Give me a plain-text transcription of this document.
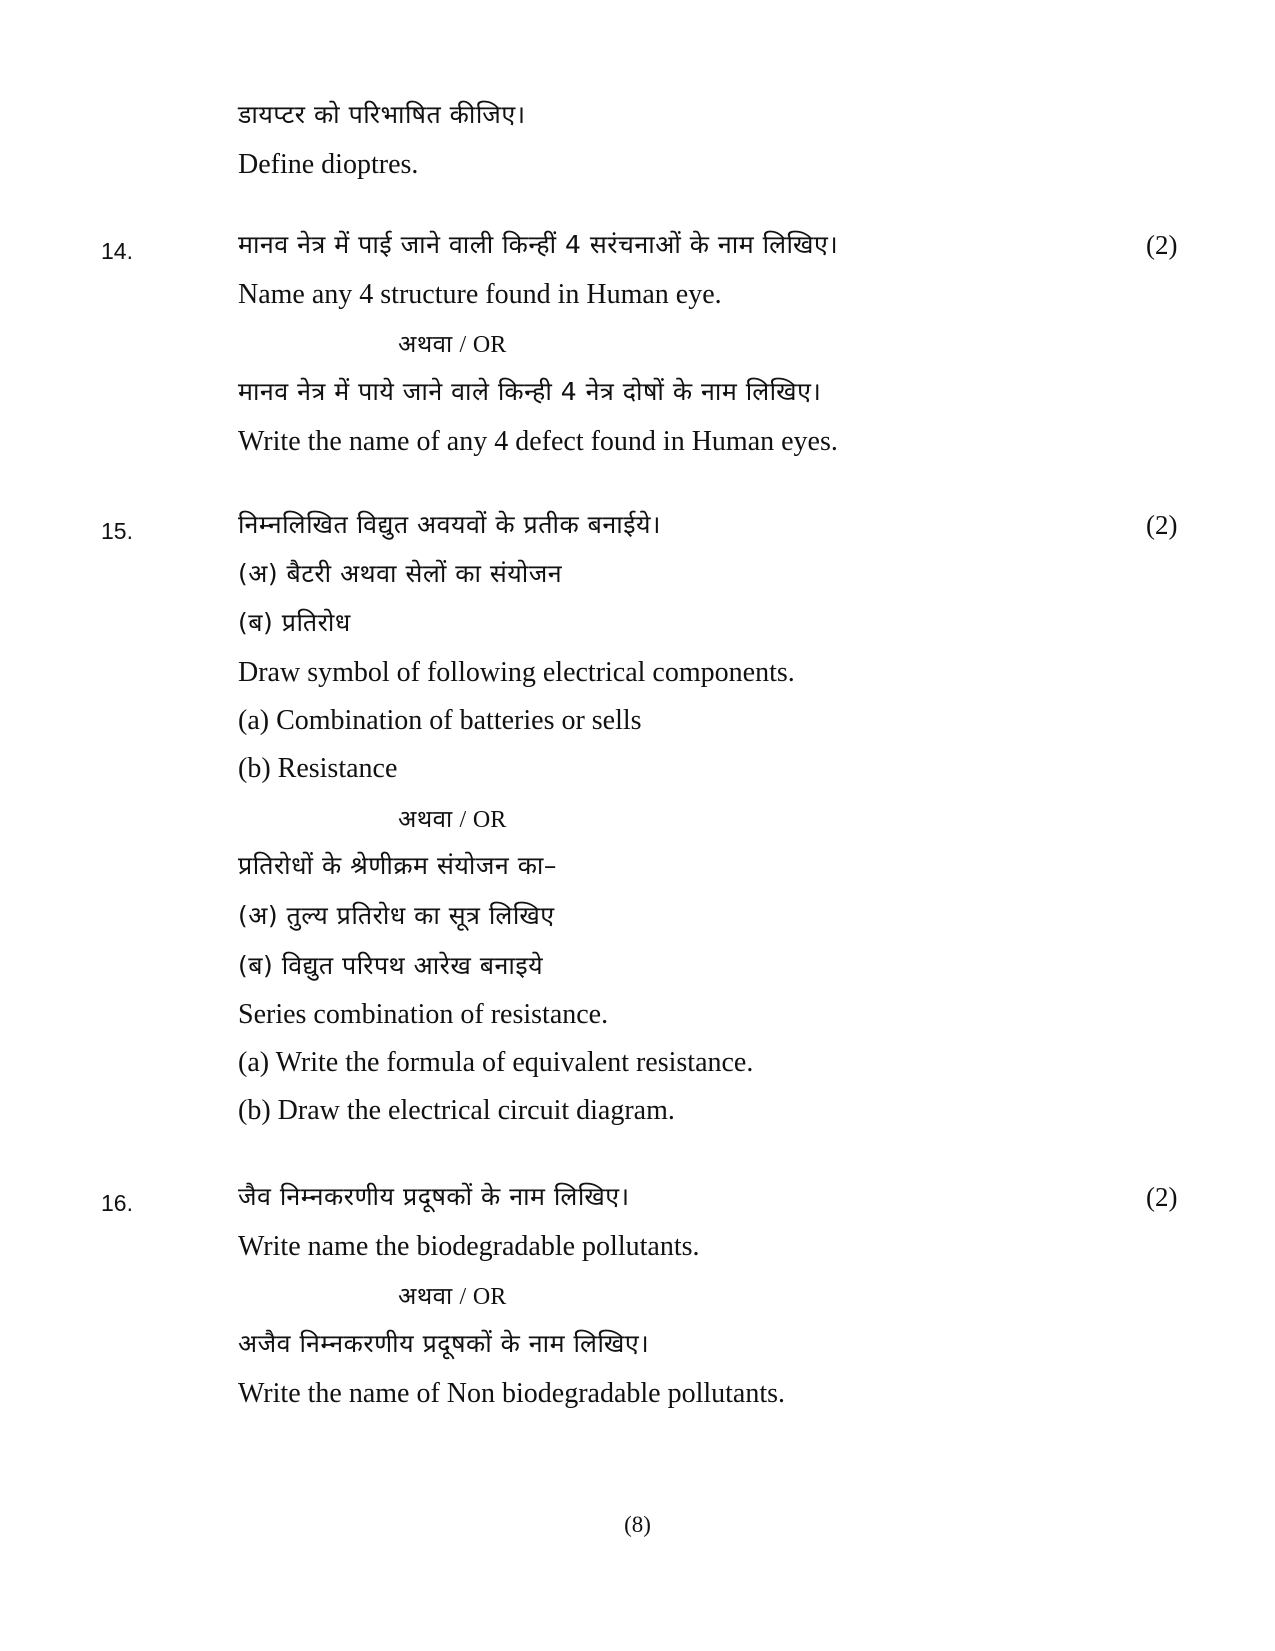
डायप्टर को परिभाषित कीजिए।
Define dioptres.
14.	(2)
मानव नेत्र में पाई जाने वाली किन्हीं 4 सरंचनाओं के नाम लिखिए।
Name any 4 structure found in Human eye.
अथवा / OR
मानव नेत्र में पाये जाने वाले किन्ही 4 नेत्र दोषों के नाम लिखिए।
Write the name of any 4 defect found in Human eyes.
15.	(2)
निम्नलिखित विद्युत अवयवों के प्रतीक बनाईये।
(अ) बैटरी अथवा सेलों का संयोजन
(ब) प्रतिरोध
Draw symbol of following electrical components.
(a) Combination of batteries or sells
(b) Resistance
अथवा / OR
प्रतिरोधों के श्रेणीक्रम संयोजन का–
(अ) तुल्य प्रतिरोध का सूत्र लिखिए
(ब) विद्युत परिपथ आरेख बनाइये
Series combination of resistance.
(a) Write the formula of equivalent resistance.
(b) Draw the electrical circuit diagram.
16.	(2)
जैव निम्नकरणीय प्रदूषकों के नाम लिखिए।
Write name the biodegradable pollutants.
अथवा / OR
अजैव निम्नकरणीय प्रदूषकों के नाम लिखिए।
Write the name of Non biodegradable pollutants.
(8)
